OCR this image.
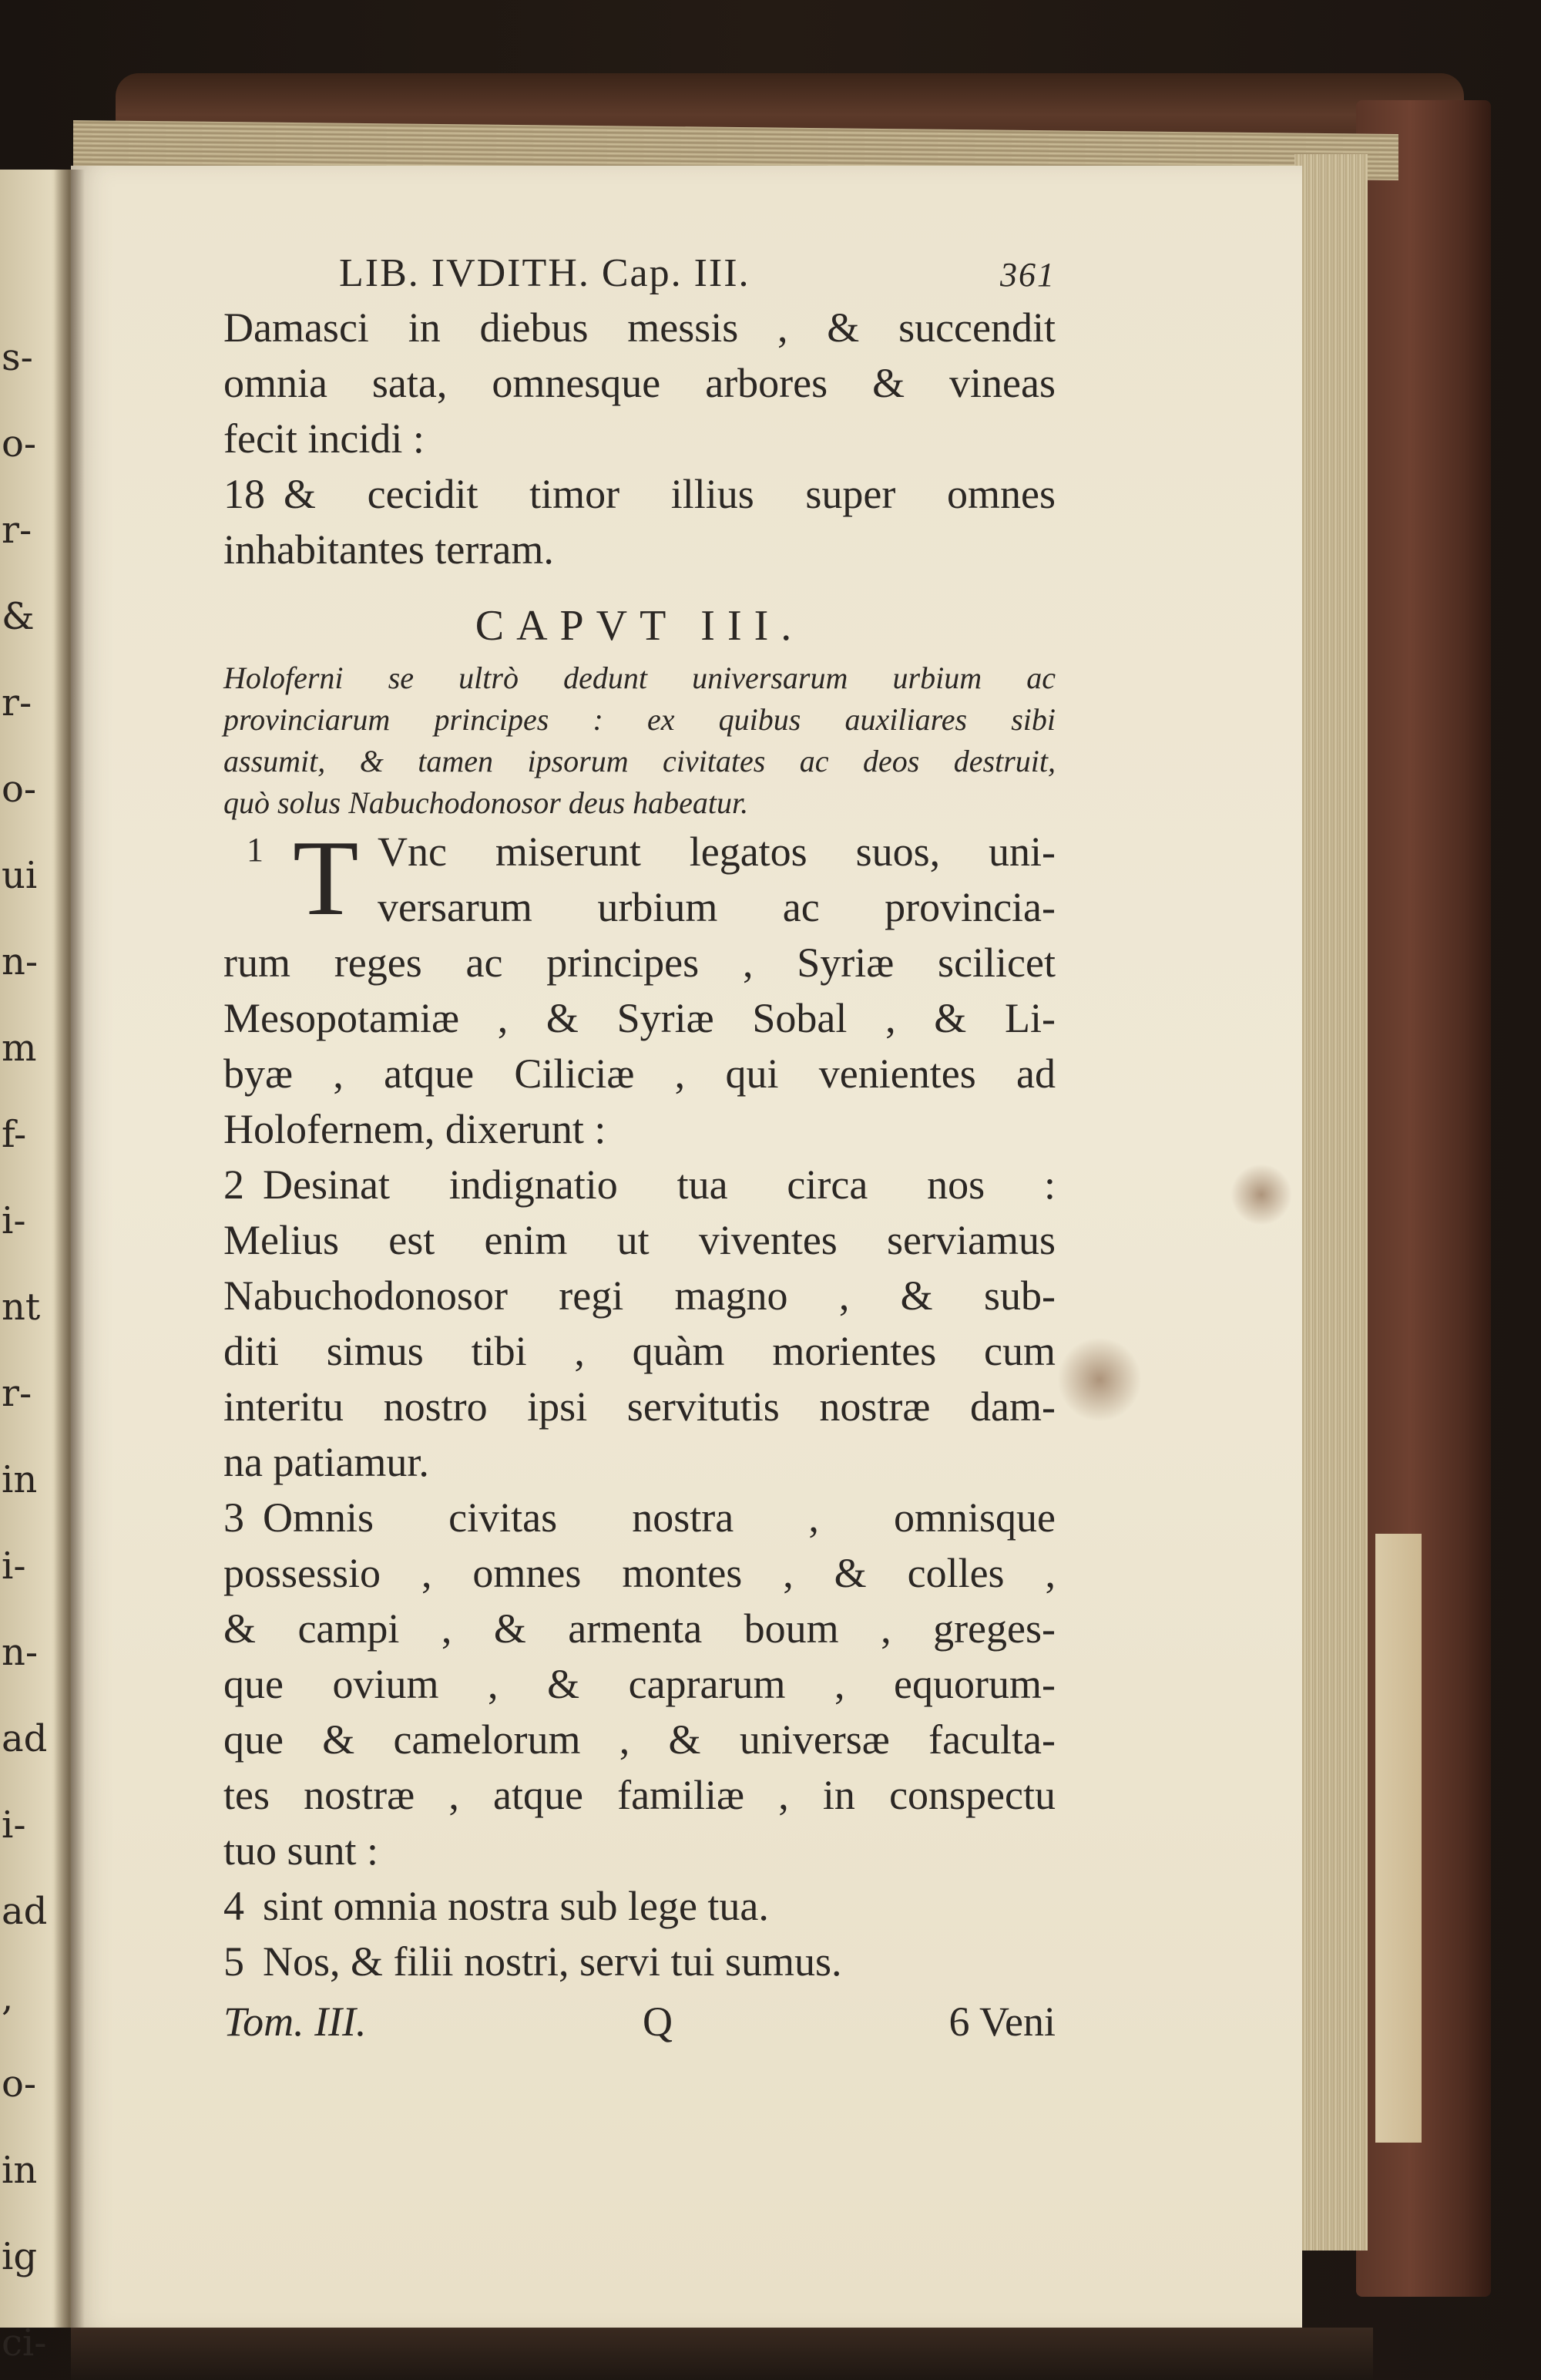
s-
o-
r-
&
r-
o-
ui
n-
m
f-
i-
nt
r-
in
i-
n-
ad
i-
ad
,
o-
in
ig
ci-
LIB. IVDITH. Cap. III.	361
Damasci in diebus messis , & succendit
omnia sata, omnesque arbores & vineas
fecit incidi :
18 & cecidit timor illius super omnes
inhabitantes terram.
CAPVT III.
Holoferni se ultrò dedunt universarum urbium ac
provinciarum principes : ex quibus auxiliares sibi
assumit, & tamen ipsorum civitates ac deos destruit,
quò solus Nabuchodonosor deus habeatur.
1 T Vnc miserunt legatos suos, uni-
versarum urbium ac provincia-
rum reges ac principes , Syriæ scilicet
Mesopotamiæ , & Syriæ Sobal , & Li-
byæ , atque Ciliciæ , qui venientes ad
Holofernem, dixerunt :
2 Desinat indignatio tua circa nos :
Melius est enim ut viventes serviamus
Nabuchodonosor regi magno , & sub-
diti simus tibi , quàm morientes cum
interitu nostro ipsi servitutis nostræ dam-
na patiamur.
3 Omnis civitas nostra , omnisque
possessio , omnes montes , & colles ,
& campi , & armenta boum , greges-
que ovium , & caprarum , equorum-
que & camelorum , & universæ faculta-
tes nostræ , atque familiæ , in conspectu
tuo sunt :
4 sint omnia nostra sub lege tua.
5 Nos, & filii nostri, servi tui sumus.
Tom. III.	Q	6 Veni
